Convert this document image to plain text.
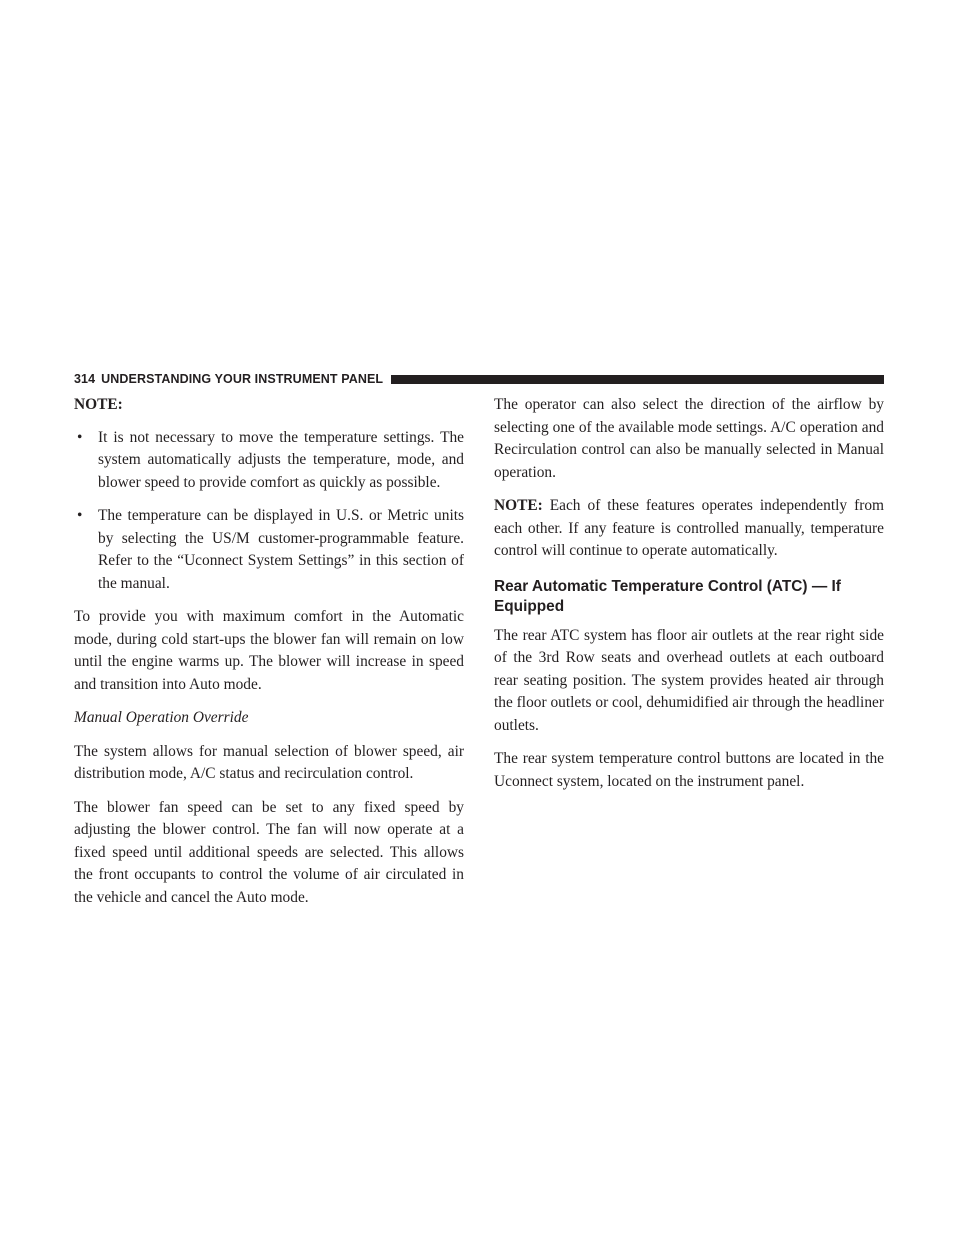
314 UNDERSTANDING YOUR INSTRUMENT PANEL

NOTE:

• It is not necessary to move the temperature settings. The system automatically adjusts the temperature, mode, and blower speed to provide comfort as quickly as possible.
• The temperature can be displayed in U.S. or Metric units by selecting the US/M customer-programmable feature. Refer to the “Uconnect System Settings” in this section of the manual.

To provide you with maximum comfort in the Automatic mode, during cold start-ups the blower fan will remain on low until the engine warms up. The blower will increase in speed and transition into Auto mode.

Manual Operation Override

The system allows for manual selection of blower speed, air distribution mode, A/C status and recirculation control.

The blower fan speed can be set to any fixed speed by adjusting the blower control. The fan will now operate at a fixed speed until additional speeds are selected. This allows the front occupants to control the volume of air circulated in the vehicle and cancel the Auto mode.

The operator can also select the direction of the airflow by selecting one of the available mode settings. A/C operation and Recirculation control can also be manually selected in Manual operation.

NOTE: Each of these features operates independently from each other. If any feature is controlled manually, temperature control will continue to operate automatically.

Rear Automatic Temperature Control (ATC) — If Equipped

The rear ATC system has floor air outlets at the rear right side of the 3rd Row seats and overhead outlets at each outboard rear seating position. The system provides heated air through the floor outlets or cool, dehumidified air through the headliner outlets.

The rear system temperature control buttons are located in the Uconnect system, located on the instrument panel.
